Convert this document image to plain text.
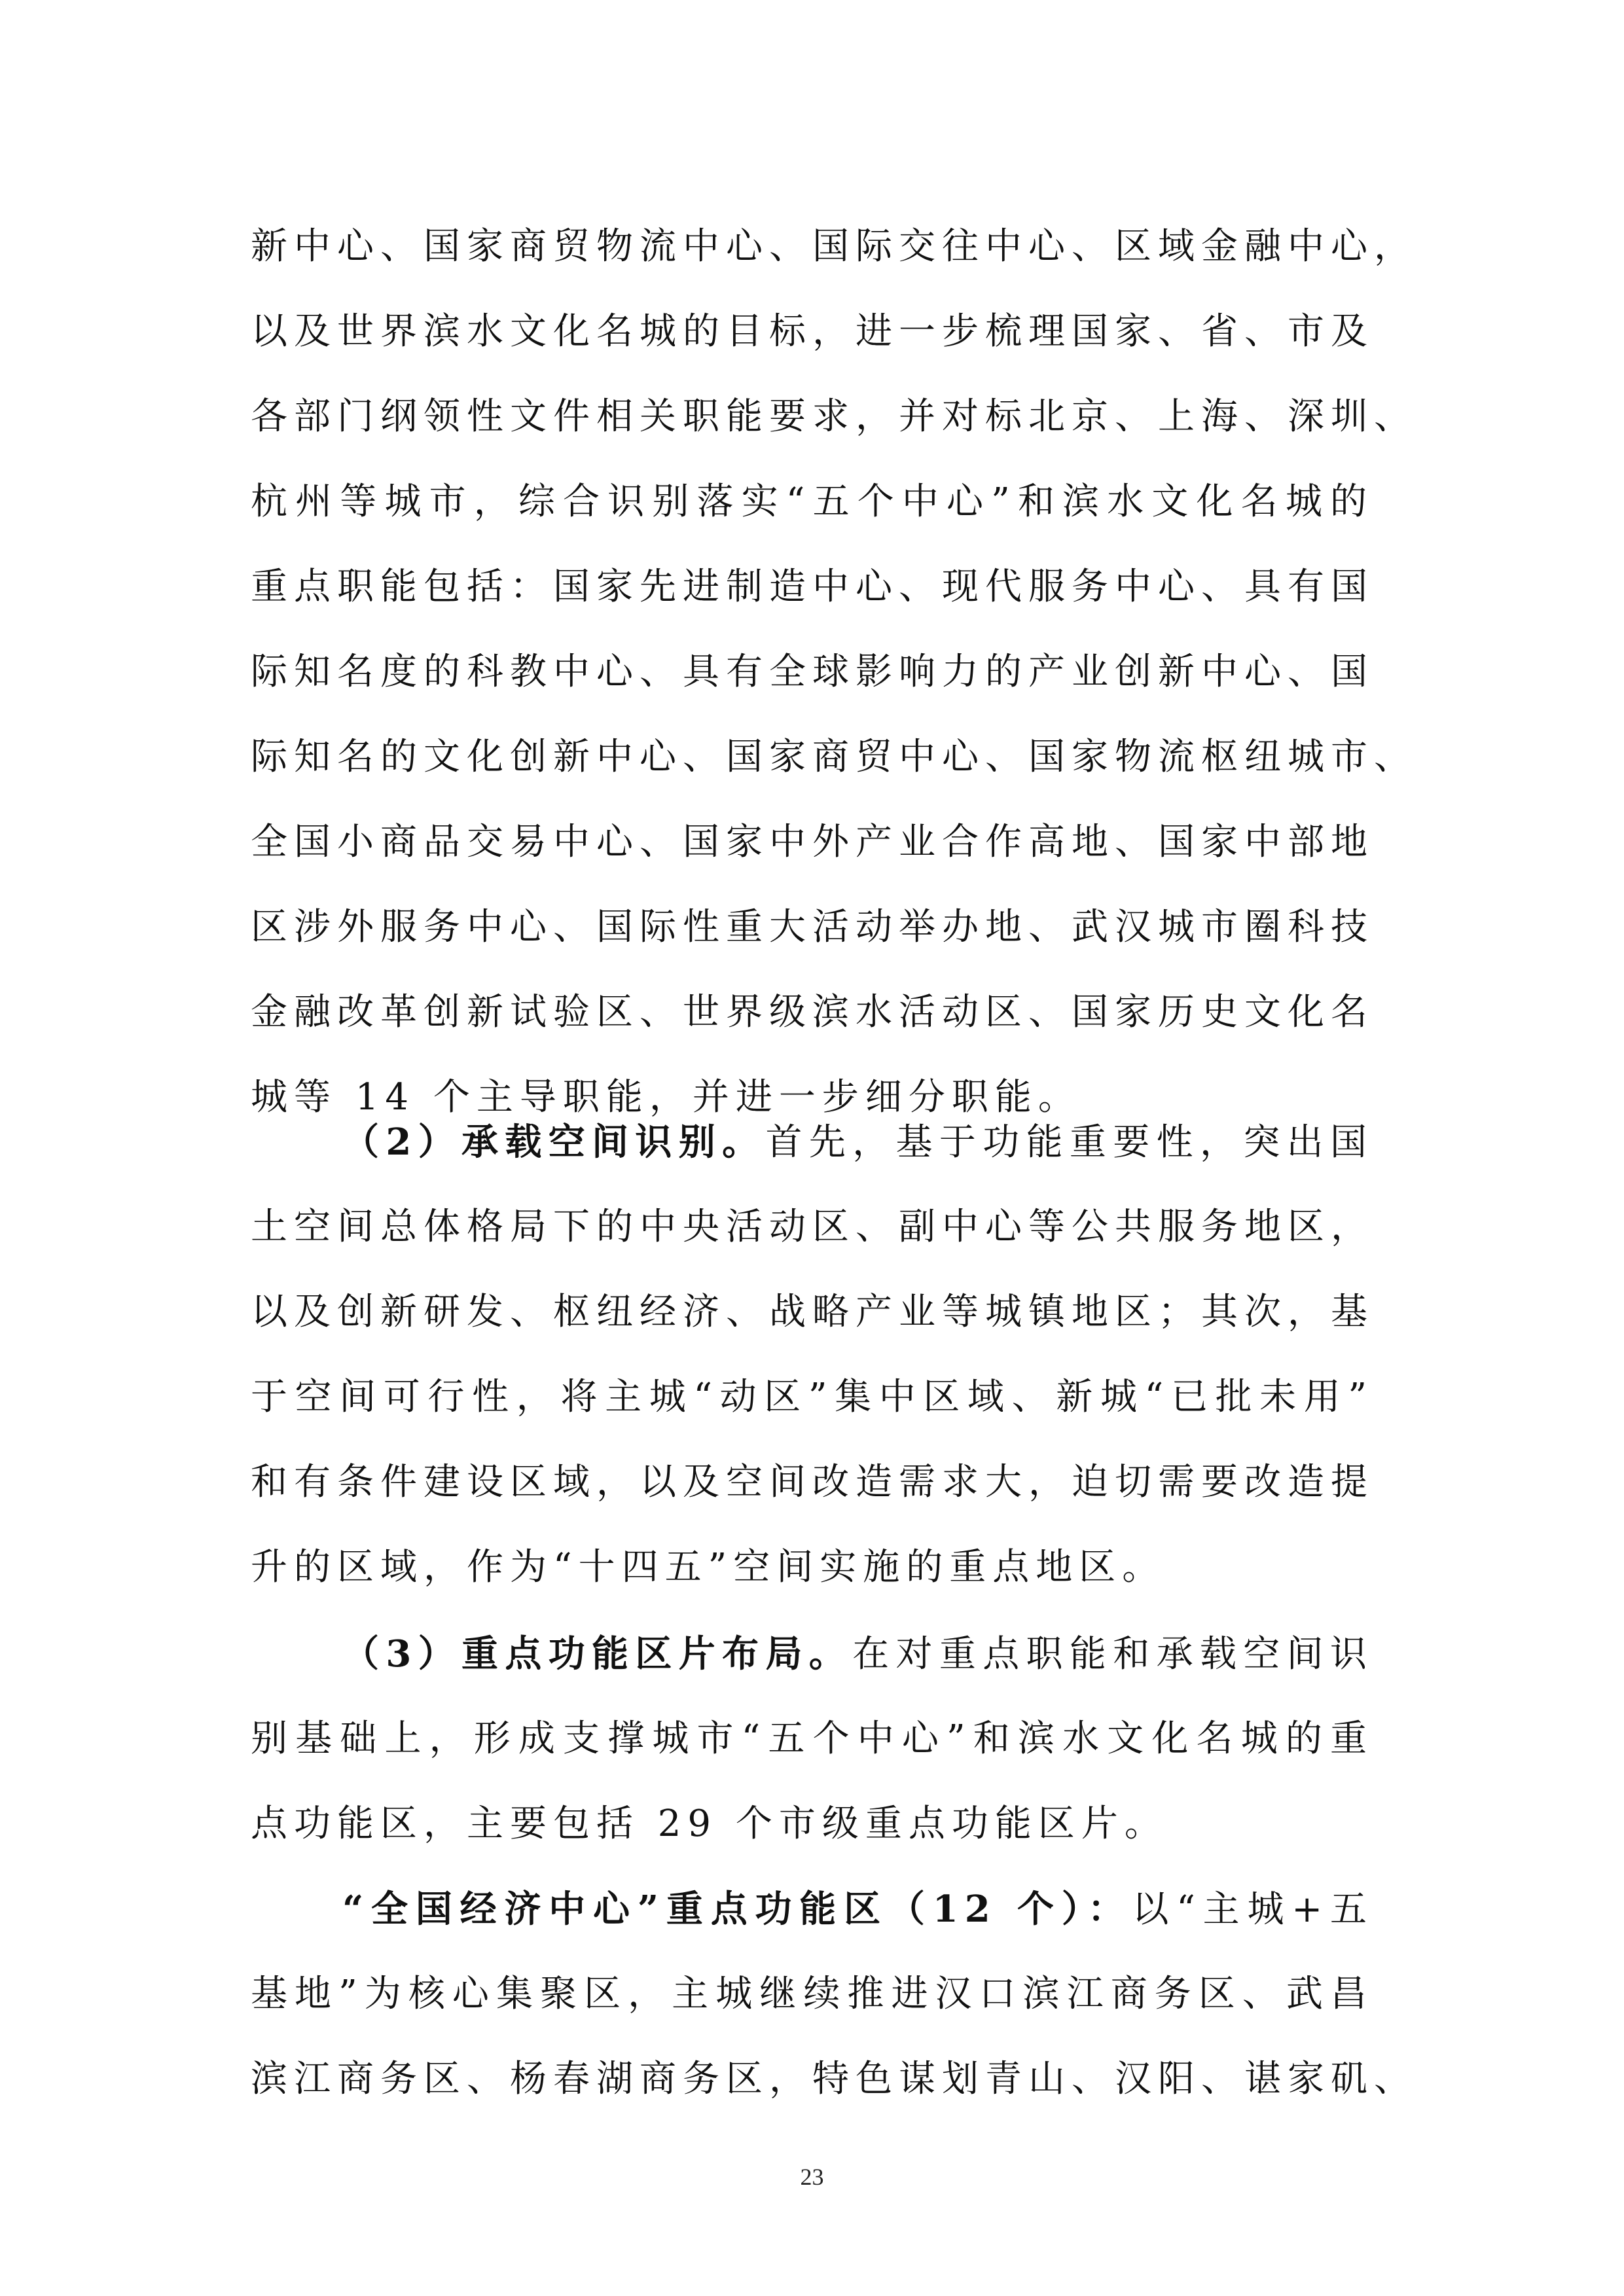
新中心、国家商贸物流中心、国际交往中心、区域金融中心，
以及世界滨水文化名城的目标，进一步梳理国家、省、市及
各部门纲领性文件相关职能要求，并对标北京、上海、深圳、
杭州等城市，综合识别落实“五个中心”和滨水文化名城的
重点职能包括：国家先进制造中心、现代服务中心、具有国
际知名度的科教中心、具有全球影响力的产业创新中心、国
际知名的文化创新中心、国家商贸中心、国家物流枢纽城市、
全国小商品交易中心、国家中外产业合作高地、国家中部地
区涉外服务中心、国际性重大活动举办地、武汉城市圈科技
金融改革创新试验区、世界级滨水活动区、国家历史文化名
城等 14 个主导职能，并进一步细分职能。
（2）承载空间识别。首先，基于功能重要性，突出国
土空间总体格局下的中央活动区、副中心等公共服务地区，
以及创新研发、枢纽经济、战略产业等城镇地区；其次，基
于空间可行性，将主城“动区”集中区域、新城“已批未用”
和有条件建设区域，以及空间改造需求大，迫切需要改造提
升的区域，作为“十四五”空间实施的重点地区。
（3）重点功能区片布局。在对重点职能和承载空间识
别基础上，形成支撑城市“五个中心”和滨水文化名城的重
点功能区，主要包括 29 个市级重点功能区片。
“全国经济中心”重点功能区（12 个）：以“主城+五
基地”为核心集聚区，主城继续推进汉口滨江商务区、武昌
滨江商务区、杨春湖商务区，特色谋划青山、汉阳、谌家矶、
23
